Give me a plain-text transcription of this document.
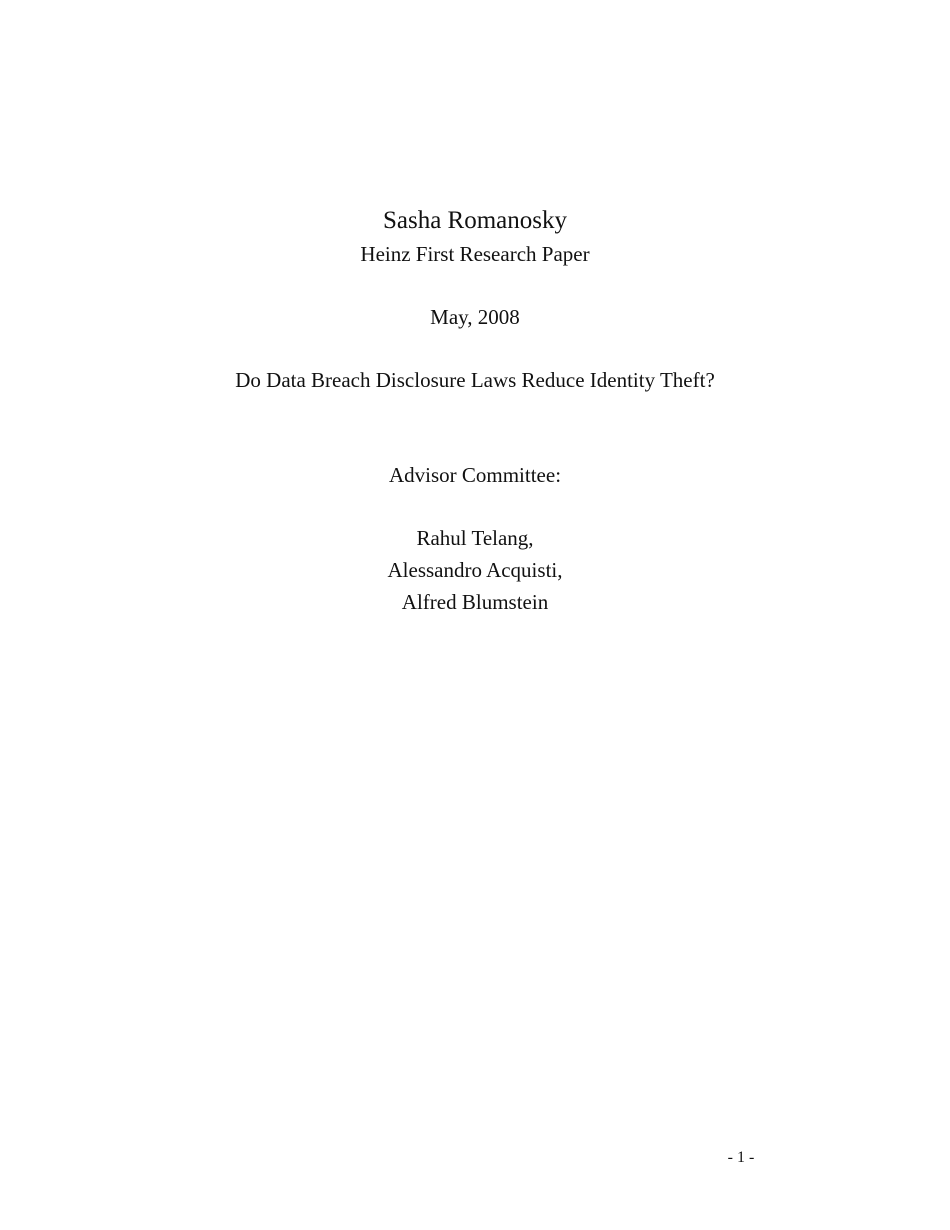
Sasha Romanosky
Heinz First Research Paper
May, 2008
Do Data Breach Disclosure Laws Reduce Identity Theft?
Advisor Committee:
Rahul Telang,
Alessandro Acquisti,
Alfred Blumstein
- 1 -
